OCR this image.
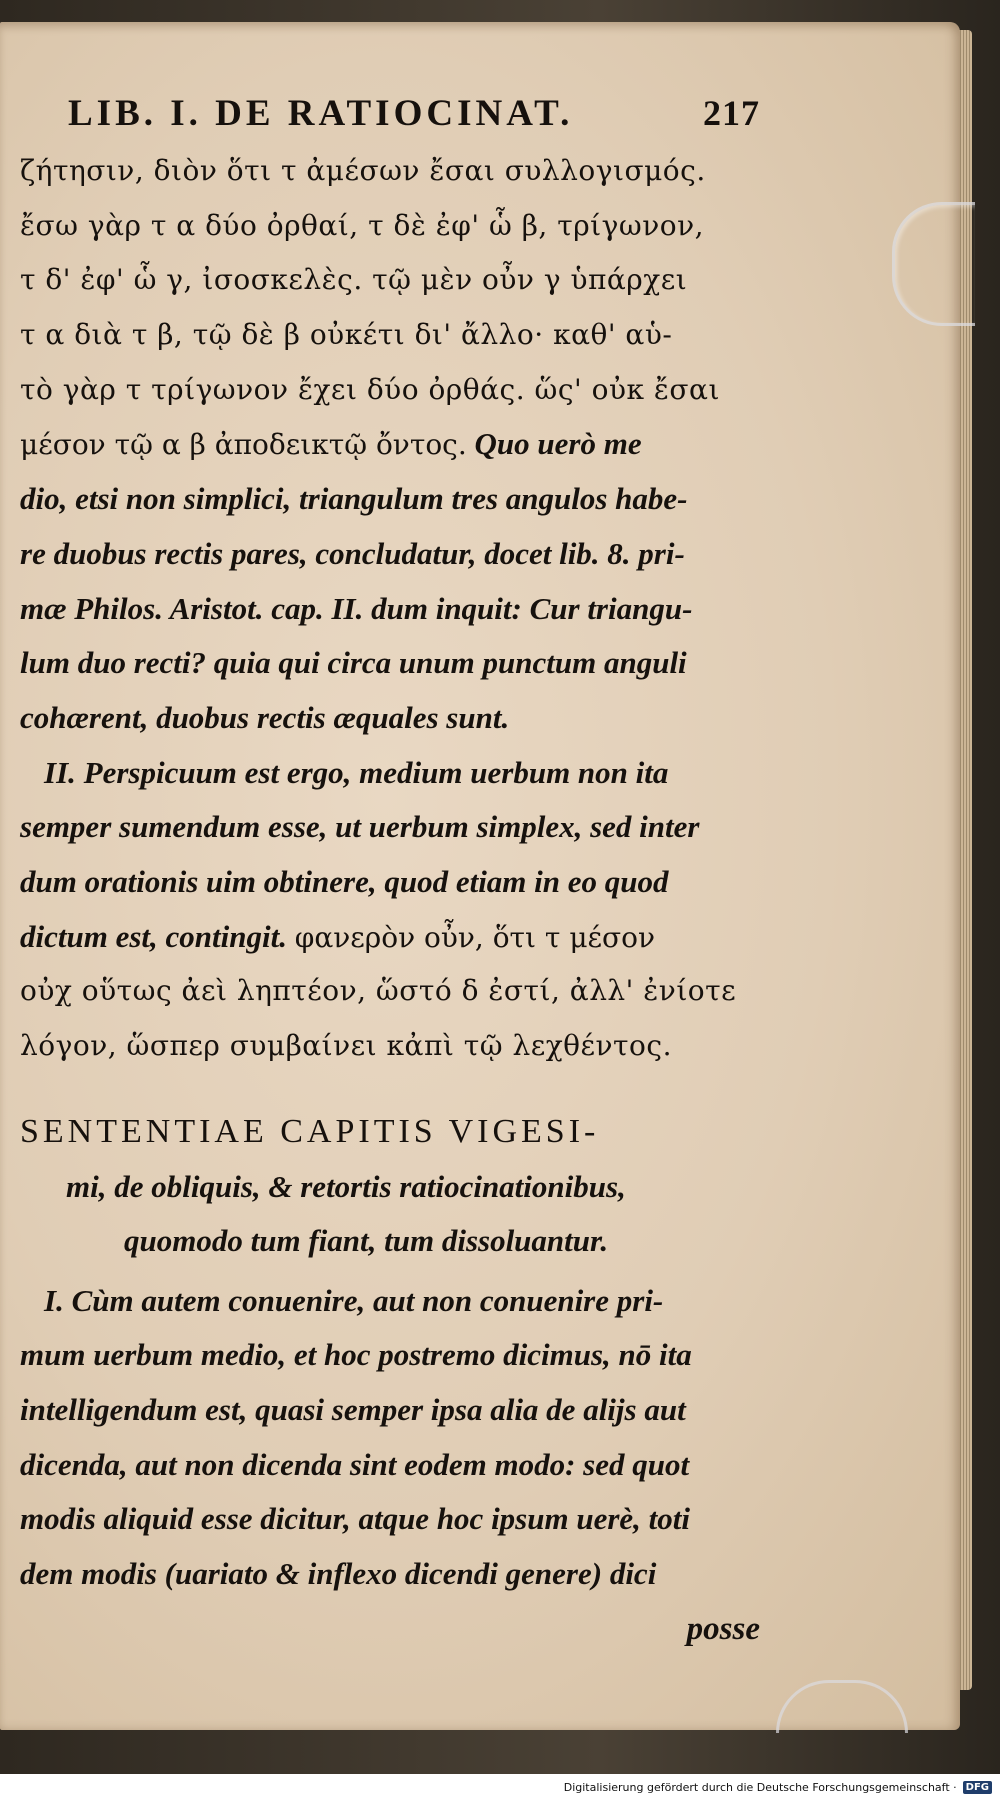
LIB. I. DE RATIOCINAT.	217
ζήτησιν, διὸν ὅτι τ ἀμέσων ἔσαι συλλογισμός.
ἔσω γὰρ τ α δύο ὀρθαί, τ δὲ ἐφ' ὧ β, τρίγωνον,
τ δ' ἐφ' ὧ γ, ἰσοσκελὲς. τῷ μὲν οὖν γ ὑπάρχει
τ α διὰ τ β, τῷ δὲ β οὐκέτι δι' ἄλλο· καθ' αὑ-
τὸ γὰρ τ τρίγωνον ἔχει δύο ὀρθάς. ὥς' οὐκ ἔσαι
μέσον τῷ α β ἀποδεικτῷ ὄντος. Quo uerò me
dio, etsi non simplici, triangulum tres angulos habe-
re duobus rectis pares, concludatur, docet lib. 8. pri-
mæ Philos. Aristot. cap. II. dum inquit: Cur triangu-
lum duo recti? quia qui circa unum punctum anguli
cohærent, duobus rectis æquales sunt.
II. Perspicuum est ergo, medium uerbum non ita
semper sumendum esse, ut uerbum simplex, sed inter
dum orationis uim obtinere, quod etiam in eo quod
dictum est, contingit. φανερὸν οὖν, ὅτι τ μέσον
οὐχ οὕτως ἀεὶ ληπτέον, ὥστό δ ἐστί, ἀλλ' ἐνίοτε
λόγον, ὥσπερ συμβαίνει κἀπὶ τῷ λεχθέντος.
SENTENTIAE CAPITIS VIGESI-
mi, de obliquis, & retortis ratiocinationibus,
quomodo tum fiant, tum dissoluantur.
I. Cùm autem conuenire, aut non conuenire pri-
mum uerbum medio, et hoc postremo dicimus, nō ita
intelligendum est, quasi semper ipsa alia de alijs aut
dicenda, aut non dicenda sint eodem modo: sed quot
modis aliquid esse dicitur, atque hoc ipsum uerè, toti
dem modis (uariato & inflexo dicendi genere) dici
posse
Digitalisierung gefördert durch die Deutsche Forschungsgemeinschaft · DFG
